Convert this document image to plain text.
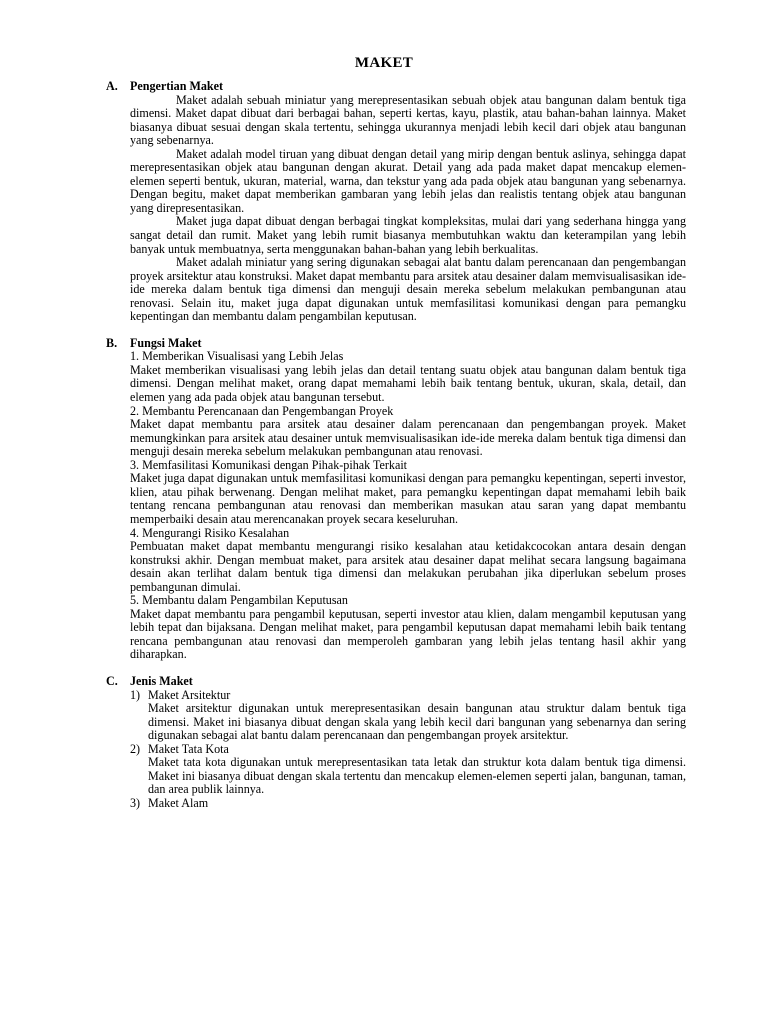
MAKET
A.	Pengertian Maket

Maket adalah sebuah miniatur yang merepresentasikan sebuah objek atau bangunan dalam bentuk tiga dimensi. Maket dapat dibuat dari berbagai bahan, seperti kertas, kayu, plastik, atau bahan-bahan lainnya. Maket biasanya dibuat sesuai dengan skala tertentu, sehingga ukurannya menjadi lebih kecil dari objek atau bangunan yang sebenarnya.

Maket adalah model tiruan yang dibuat dengan detail yang mirip dengan bentuk aslinya, sehingga dapat merepresentasikan objek atau bangunan dengan akurat. Detail yang ada pada maket dapat mencakup elemen-elemen seperti bentuk, ukuran, material, warna, dan tekstur yang ada pada objek atau bangunan yang sebenarnya. Dengan begitu, maket dapat memberikan gambaran yang lebih jelas dan realistis tentang objek atau bangunan yang direpresentasikan.

Maket juga dapat dibuat dengan berbagai tingkat kompleksitas, mulai dari yang sederhana hingga yang sangat detail dan rumit. Maket yang lebih rumit biasanya membutuhkan waktu dan keterampilan yang lebih banyak untuk membuatnya, serta menggunakan bahan-bahan yang lebih berkualitas.

Maket adalah miniatur yang sering digunakan sebagai alat bantu dalam perencanaan dan pengembangan proyek arsitektur atau konstruksi. Maket dapat membantu para arsitek atau desainer dalam memvisualisasikan ide-ide mereka dalam bentuk tiga dimensi dan menguji desain mereka sebelum melakukan pembangunan atau renovasi. Selain itu, maket juga dapat digunakan untuk memfasilitasi komunikasi dengan para pemangku kepentingan dan membantu dalam pengambilan keputusan.

B.	Fungsi Maket

1. Memberikan Visualisasi yang Lebih Jelas

Maket memberikan visualisasi yang lebih jelas dan detail tentang suatu objek atau bangunan dalam bentuk tiga dimensi. Dengan melihat maket, orang dapat memahami lebih baik tentang bentuk, ukuran, skala, detail, dan elemen yang ada pada objek atau bangunan tersebut.

2. Membantu Perencanaan dan Pengembangan Proyek

Maket dapat membantu para arsitek atau desainer dalam perencanaan dan pengembangan proyek. Maket memungkinkan para arsitek atau desainer untuk memvisualisasikan ide-ide mereka dalam bentuk tiga dimensi dan menguji desain mereka sebelum melakukan pembangunan atau renovasi.

3. Memfasilitasi Komunikasi dengan Pihak-pihak Terkait

Maket juga dapat digunakan untuk memfasilitasi komunikasi dengan para pemangku kepentingan, seperti investor, klien, atau pihak berwenang. Dengan melihat maket, para pemangku kepentingan dapat memahami lebih baik tentang rencana pembangunan atau renovasi dan memberikan masukan atau saran yang dapat membantu memperbaiki desain atau merencanakan proyek secara keseluruhan.

4. Mengurangi Risiko Kesalahan

Pembuatan maket dapat membantu mengurangi risiko kesalahan atau ketidakcocokan antara desain dengan konstruksi akhir. Dengan membuat maket, para arsitek atau desainer dapat melihat secara langsung bagaimana desain akan terlihat dalam bentuk tiga dimensi dan melakukan perubahan jika diperlukan sebelum proses pembangunan dimulai.

5. Membantu dalam Pengambilan Keputusan

Maket dapat membantu para pengambil keputusan, seperti investor atau klien, dalam mengambil keputusan yang lebih tepat dan bijaksana. Dengan melihat maket, para pengambil keputusan dapat memahami lebih baik tentang rencana pembangunan atau renovasi dan memperoleh gambaran yang lebih jelas tentang hasil akhir yang diharapkan.

C.	Jenis Maket
1) Maket Arsitektur
Maket arsitektur digunakan untuk merepresentasikan desain bangunan atau struktur dalam bentuk tiga dimensi. Maket ini biasanya dibuat dengan skala yang lebih kecil dari bangunan yang sebenarnya dan sering digunakan sebagai alat bantu dalam perencanaan dan pengembangan proyek arsitektur.
2) Maket Tata Kota
Maket tata kota digunakan untuk merepresentasikan tata letak dan struktur kota dalam bentuk tiga dimensi. Maket ini biasanya dibuat dengan skala tertentu dan mencakup elemen-elemen seperti jalan, bangunan, taman, dan area publik lainnya.
3) Maket Alam
